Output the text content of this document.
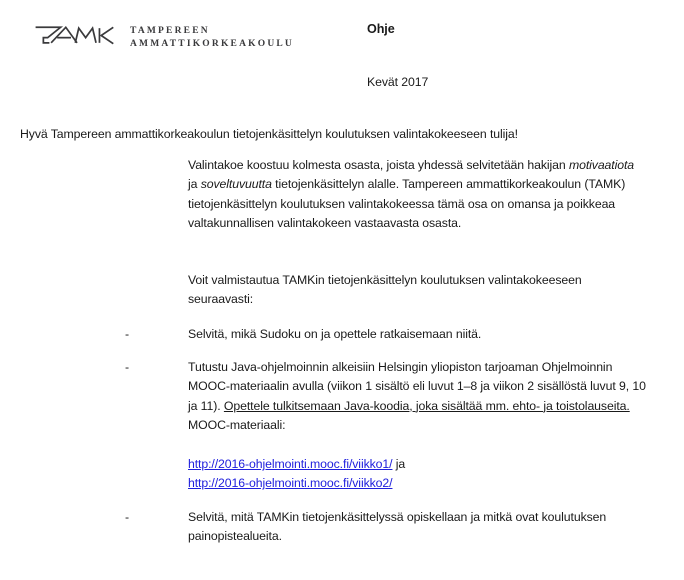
TAMPEREEN
AMMATTIKORKEAKOULU
Ohje
Kevät 2017
Hyvä Tampereen ammattikorkeakoulun tietojenkäsittelyn koulutuksen valintakokeeseen tulija!
Valintakoe koostuu kolmesta osasta, joista yhdessä selvitetään hakijan motivaatiota ja soveltuvuutta tietojenkäsittelyn alalle. Tampereen ammattikorkeakoulun (TAMK) tietojenkäsittelyn koulutuksen valintakokeessa tämä osa on omansa ja poikkeaa valtakunnallisen valintakokeen vastaavasta osasta.
Voit valmistautua TAMKin tietojenkäsittelyn koulutuksen valintakokeeseen seuraavasti:
-	Selvitä, mikä Sudoku on ja opettele ratkaisemaan niitä.
-	Tutustu Java-ohjelmoinnin alkeisiin Helsingin yliopiston tarjoaman Ohjelmoinnin MOOC-materiaalin avulla (viikon 1 sisältö eli luvut 1–8 ja viikon 2 sisällöstä luvut 9, 10 ja 11). Opettele tulkitsemaan Java-koodia, joka sisältää mm. ehto- ja toistolauseita. MOOC-materiaali:
http://2016-ohjelmointi.mooc.fi/viikko1/ ja
http://2016-ohjelmointi.mooc.fi/viikko2/
-	Selvitä, mitä TAMKin tietojenkäsittelyssä opiskellaan ja mitkä ovat koulutuksen painopistealueita.
